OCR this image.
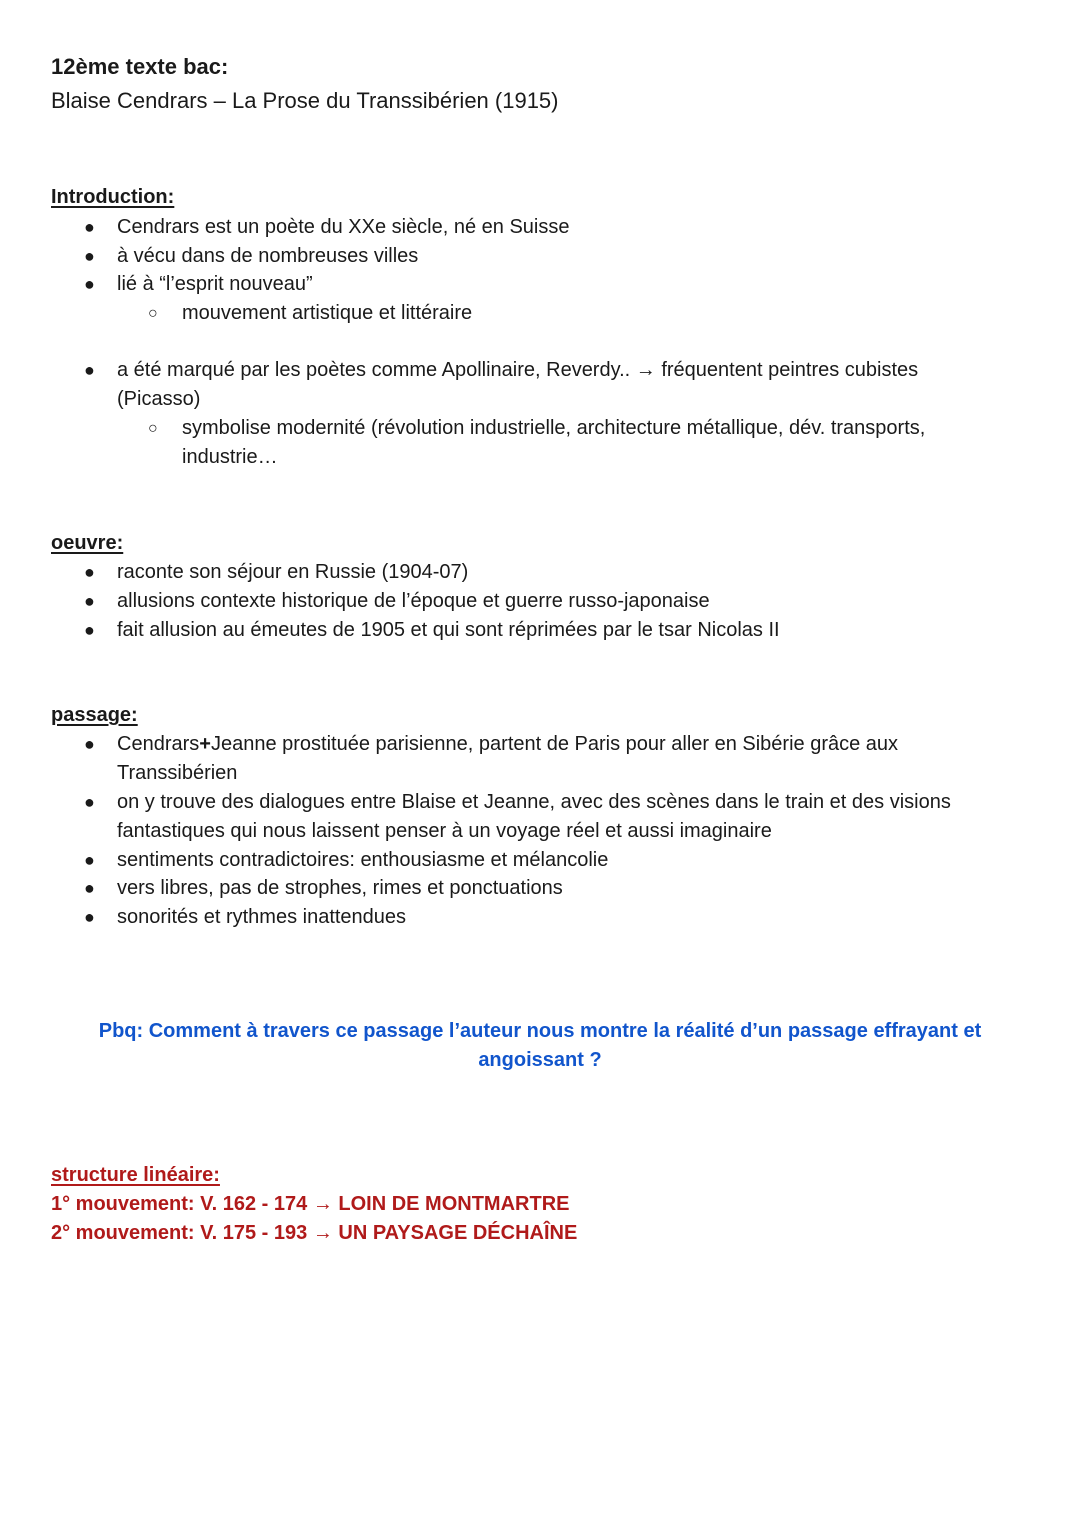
12ème texte bac:
Blaise Cendrars – La Prose du Transsibérien (1915)
Introduction:
● Cendrars est un poète du XXe siècle, né en Suisse
● à vécu dans de nombreuses villes
● lié à “l’esprit nouveau”
○ mouvement artistique et littéraire
● a été marqué par les poètes comme Apollinaire, Reverdy.. → fréquentent peintres cubistes
(Picasso)
○ symbolise modernité (révolution industrielle, architecture métallique, dév. transports,
industrie…
oeuvre:
● raconte son séjour en Russie (1904-07)
● allusions contexte historique de l’époque et guerre russo-japonaise
● fait allusion au émeutes de 1905 et qui sont réprimées par le tsar Nicolas II
passage:
● Cendrars+Jeanne prostituée parisienne, partent de Paris pour aller en Sibérie grâce aux
Transsibérien
● on y trouve des dialogues entre Blaise et Jeanne, avec des scènes dans le train et des visions
fantastiques qui nous laissent penser à un voyage réel et aussi imaginaire
● sentiments contradictoires: enthousiasme et mélancolie
● vers libres, pas de strophes, rimes et ponctuations
● sonorités et rythmes inattendues
Pbq: Comment à travers ce passage l’auteur nous montre la réalité d’un passage effrayant et
angoissant ?
structure linéaire:
1° mouvement: V. 162 - 174 → LOIN DE MONTMARTRE
2° mouvement: V. 175 - 193 → UN PAYSAGE DÉCHAÎNE
